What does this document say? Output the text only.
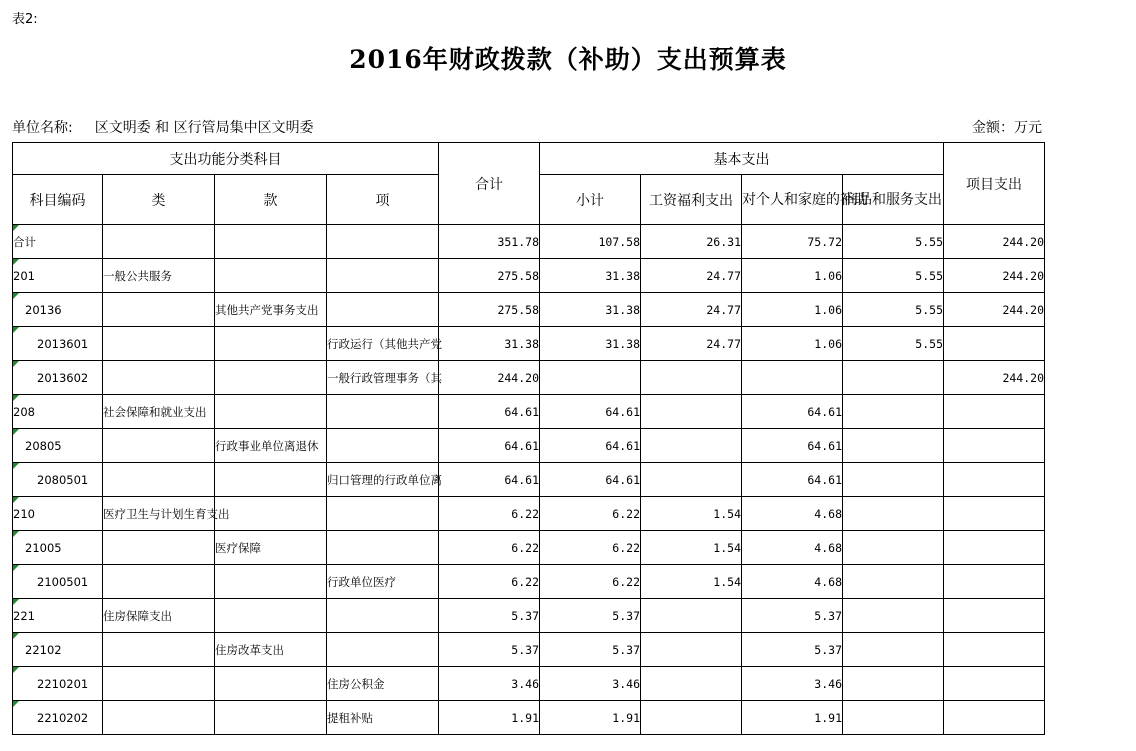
表2:
2016年财政拨款（补助）支出预算表
单位名称: 区文明委 和 区行管局集中区文明委	金额：万元
支出功能分类科目				合计	基本支出				项目支出
科目编码	类	款	项		小计	工资福利支出	对个人和家庭的补助	商品和服务支出	
合计				351.78	107.58	26.31	75.72	5.55	244.20
201	一般公共服务			275.58	31.38	24.77	1.06	5.55	244.20
20136		其他共产党事务支出		275.58	31.38	24.77	1.06	5.55	244.20
2013601			行政运行（其他共产党	31.38	31.38	24.77	1.06	5.55	
2013602			一般行政管理事务（其	244.20					244.20
208	社会保障和就业支出			64.61	64.61		64.61		
20805		行政事业单位离退休		64.61	64.61		64.61		
2080501			归口管理的行政单位离	64.61	64.61		64.61		
210	医疗卫生与计划生育支出			6.22	6.22	1.54	4.68		
21005		医疗保障		6.22	6.22	1.54	4.68		
2100501			行政单位医疗	6.22	6.22	1.54	4.68		
221	住房保障支出			5.37	5.37		5.37		
22102		住房改革支出		5.37	5.37		5.37		
2210201			住房公积金	3.46	3.46		3.46		
2210202			提租补贴	1.91	1.91		1.91		
